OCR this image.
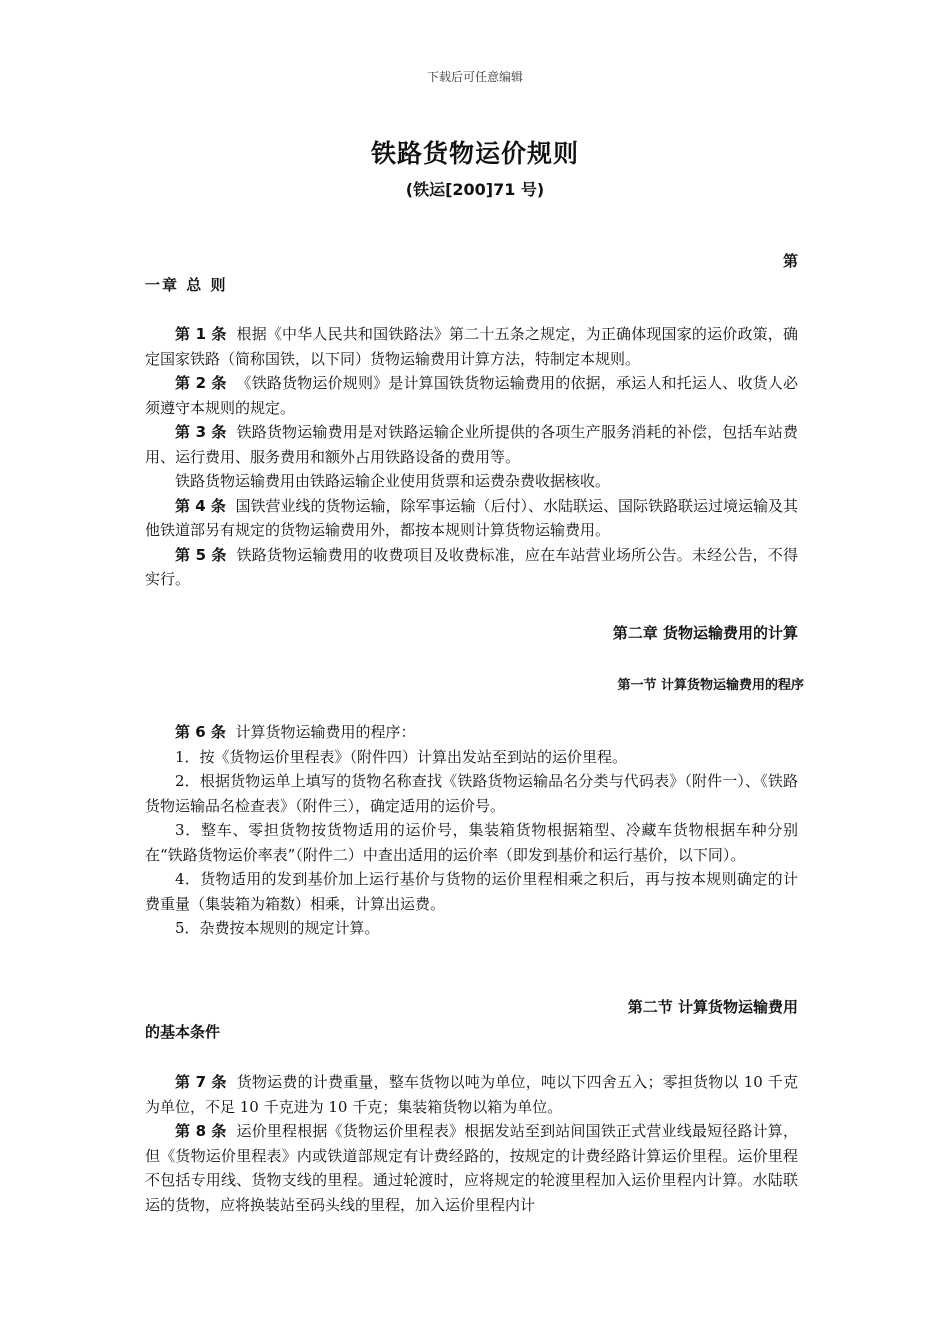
下载后可任意编辑
铁路货物运价规则
(铁运[200]71 号)
第
一章 总 则

第 1 条 根据《中华人民共和国铁路法》第二十五条之规定，为正确体现国家的运价政策，确定国家铁路（简称国铁，以下同）货物运输费用计算方法，特制定本规则。

第 2 条 《铁路货物运价规则》是计算国铁货物运输费用的依据，承运人和托运人、收货人必须遵守本规则的规定。

第 3 条 铁路货物运输费用是对铁路运输企业所提供的各项生产服务消耗的补偿，包括车站费用、运行费用、服务费用和额外占用铁路设备的费用等。

铁路货物运输费用由铁路运输企业使用货票和运费杂费收据核收。

第 4 条 国铁营业线的货物运输，除军事运输（后付）、水陆联运、国际铁路联运过境运输及其他铁道部另有规定的货物运输费用外，都按本规则计算货物运输费用。

第 5 条 铁路货物运输费用的收费项目及收费标准，应在车站营业场所公告。未经公告，不得实行。

第二章 货物运输费用的计算
第一节 计算货物运输费用的程序

第 6 条 计算货物运输费用的程序：

1．按《货物运价里程表》（附件四）计算出发站至到站的运价里程。

2．根据货物运单上填写的货物名称查找《铁路货物运输品名分类与代码表》（附件一）、《铁路货物运输品名检查表》（附件三），确定适用的运价号。

3．整车、零担货物按货物适用的运价号，集装箱货物根据箱型、冷藏车货物根据车种分别在“铁路货物运价率表”（附件二）中查出适用的运价率（即发到基价和运行基价，以下同）。

4．货物适用的发到基价加上运行基价与货物的运价里程相乘之积后，再与按本规则确定的计费重量（集装箱为箱数）相乘，计算出运费。

5．杂费按本规则的规定计算。

第二节 计算货物运输费用
的基本条件

第 7 条 货物运费的计费重量，整车货物以吨为单位，吨以下四舍五入；零担货物以 10 千克为单位，不足 10 千克进为 10 千克；集装箱货物以箱为单位。

第 8 条 运价里程根据《货物运价里程表》根据发站至到站间国铁正式营业线最短径路计算，但《货物运价里程表》内或铁道部规定有计费经路的，按规定的计费经路计算运价里程。运价里程不包括专用线、货物支线的里程。通过轮渡时，应将规定的轮渡里程加入运价里程内计算。水陆联运的货物，应将换装站至码头线的里程，加入运价里程内计
